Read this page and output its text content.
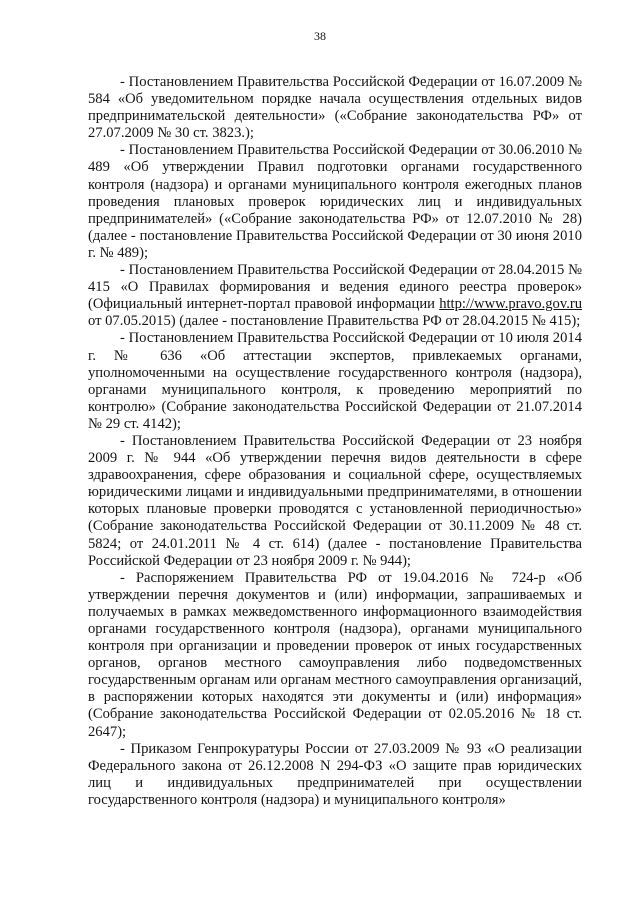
38

- Постановлением Правительства Российской Федерации от 16.07.2009 № 584 «Об уведомительном порядке начала осуществления отдельных видов предпринимательской деятельности» («Собрание законодательства РФ» от 27.07.2009 № 30 ст. 3823.);

- Постановлением Правительства Российской Федерации от 30.06.2010 № 489 «Об утверждении Правил подготовки органами государственного контроля (надзора) и органами муниципального контроля ежегодных планов проведения плановых проверок юридических лиц и индивидуальных предпринимателей» («Собрание законодательства РФ» от 12.07.2010 № 28) (далее - постановление Правительства Российской Федерации от 30 июня 2010 г. № 489);

- Постановлением Правительства Российской Федерации от 28.04.2015 № 415 «О Правилах формирования и ведения единого реестра проверок» (Официальный интернет-портал правовой информации http://www.pravo.gov.ru от 07.05.2015) (далее - постановление Правительства РФ от 28.04.2015 № 415);

- Постановлением Правительства Российской Федерации от 10 июля 2014 г. № 636 «Об аттестации экспертов, привлекаемых органами, уполномоченными на осуществление государственного контроля (надзора), органами муниципального контроля, к проведению мероприятий по контролю» (Собрание законодательства Российской Федерации от 21.07.2014 № 29 ст. 4142);

- Постановлением Правительства Российской Федерации от 23 ноября 2009 г. № 944 «Об утверждении перечня видов деятельности в сфере здравоохранения, сфере образования и социальной сфере, осуществляемых юридическими лицами и индивидуальными предпринимателями, в отношении которых плановые проверки проводятся с установленной периодичностью» (Собрание законодательства Российской Федерации от 30.11.2009 № 48 ст. 5824; от 24.01.2011 № 4 ст. 614) (далее - постановление Правительства Российской Федерации от 23 ноября 2009 г. № 944);

- Распоряжением Правительства РФ от 19.04.2016 № 724-р «Об утверждении перечня документов и (или) информации, запрашиваемых и получаемых в рамках межведомственного информационного взаимодействия органами государственного контроля (надзора), органами муниципального контроля при организации и проведении проверок от иных государственных органов, органов местного самоуправления либо подведомственных государственным органам или органам местного самоуправления организаций, в распоряжении которых находятся эти документы и (или) информация» (Собрание законодательства Российской Федерации от 02.05.2016 № 18 ст. 2647);

- Приказом Генпрокуратуры России от 27.03.2009 № 93 «О реализации Федерального закона от 26.12.2008 N 294-ФЗ «О защите прав юридических лиц и индивидуальных предпринимателей при осуществлении государственного контроля (надзора) и муниципального контроля»
